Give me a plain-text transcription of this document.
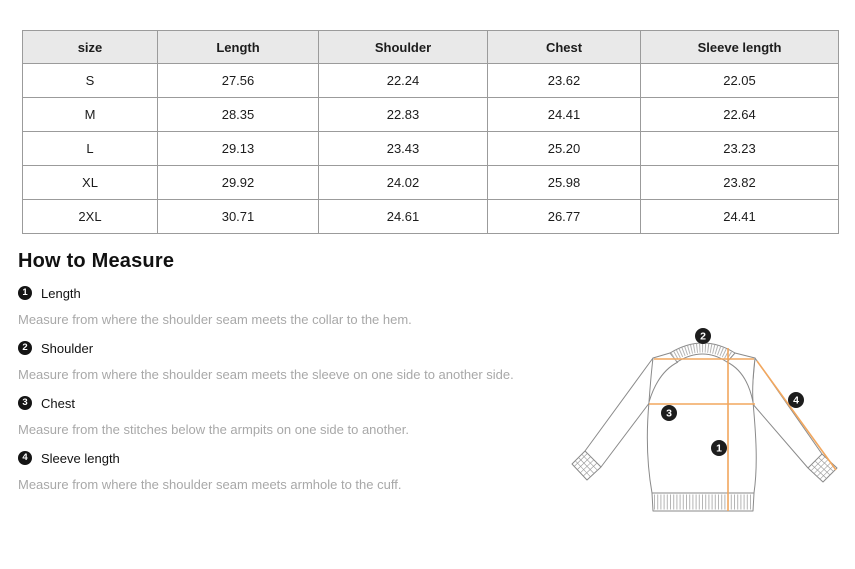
size	Length	Shoulder	Chest	Sleeve length
S	27.56	22.24	23.62	22.05
M	28.35	22.83	24.41	22.64
L	29.13	23.43	25.20	23.23
XL	29.92	24.02	25.98	23.82
2XL	30.71	24.61	26.77	24.41
How to Measure
1	Length
Measure from where the shoulder seam meets the collar to the hem.
2	Shoulder
Measure from where the shoulder seam meets the sleeve on one side to another side.
3	Chest
Measure from the stitches below the armpits on one side to another.
4	Sleeve length
Measure from where the shoulder seam meets armhole to the cuff.
1
2
3
4
